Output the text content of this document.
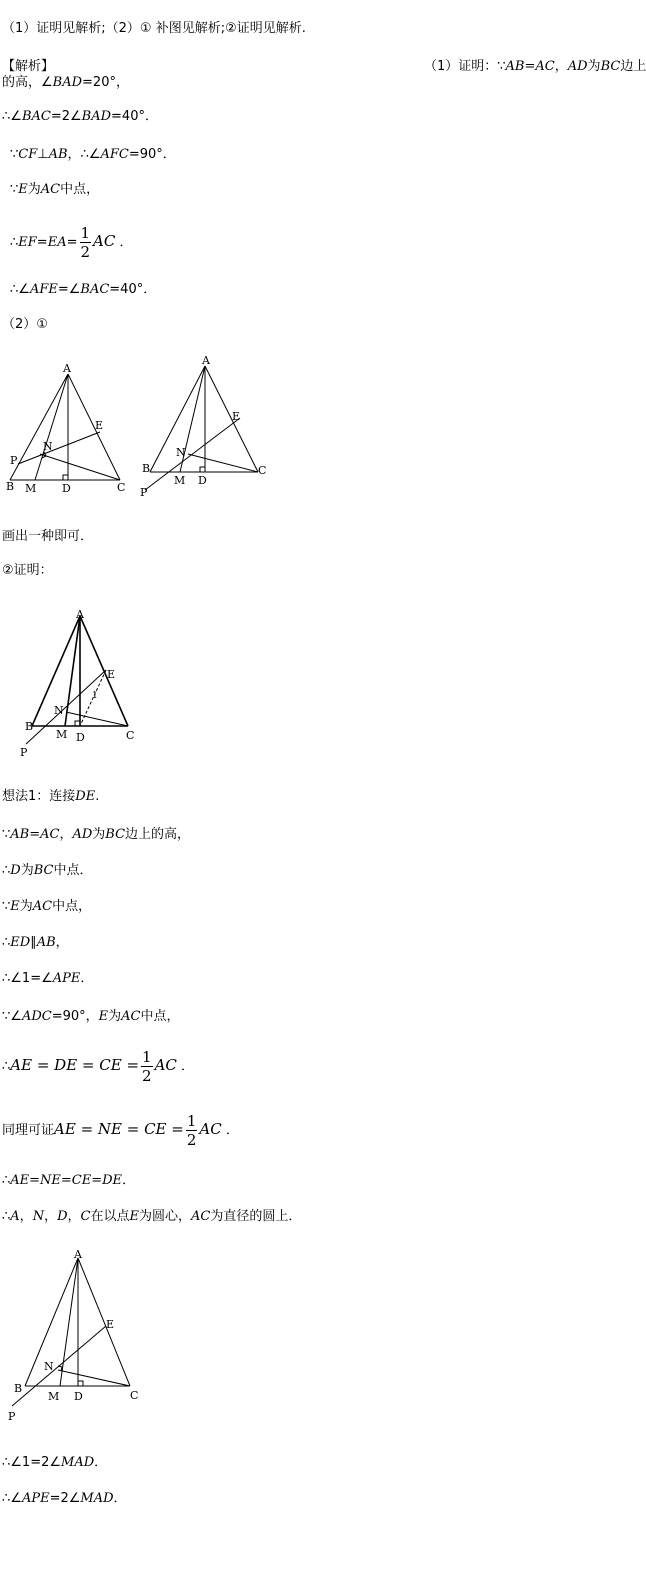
（1）证明见解析;（2）① 补图见解析;②证明见解析.
【解析】	（1）证明：∵AB=AC，AD为BC边上
的高，∠BAD=20°，
∴∠BAC=2∠BAD=40°．
∵CF⊥AB，∴∠AFC=90°．
∵E为AC中点，
∴EF=EA= $\frac{1}{2}$ AC ．
∴∠AFE=∠BAC=40°．
（2）①
A
B	C
D
E
M
N
P
A
B	C
D
E
M
N
P
画出一种即可．
②证明：
A
B
C
D
E
M
N
P
1
想法1：连接DE.
∵AB=AC，AD为BC边上的高，
∴D为BC中点．
∵E为AC中点，
∴ED∥AB，
∴∠1=∠APE．
∵∠ADC=90°，E为AC中点，
∴AE = DE = CE = $\frac{1}{2}$ AC ．
同理可证AE = NE = CE = $\frac{1}{2}$ AC ．
∴AE=NE=CE=DE．
∴A，N，D，C在以点E为圆心，AC为直径的圆上．
A
B
C
D
E
M
N
P
∴∠1=2∠MAD．
∴∠APE=2∠MAD．
